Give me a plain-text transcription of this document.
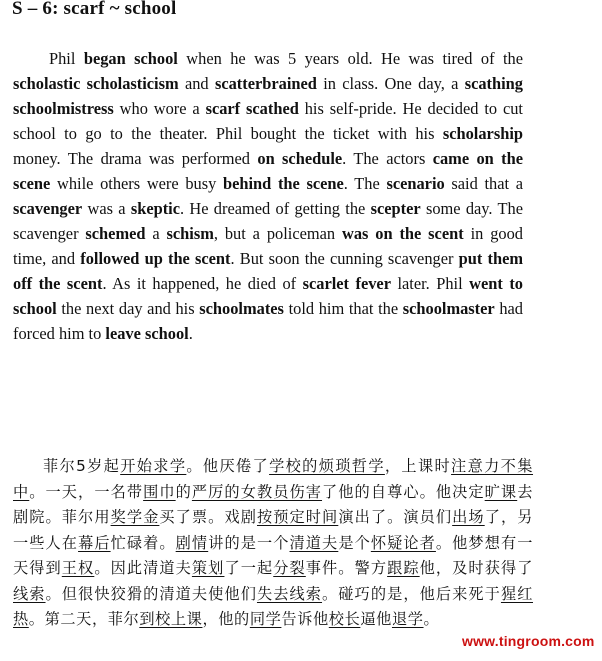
S – 6: scarf ~ school

Phil began school when he was 5 years old. He was tired of the scholastic scholasticism and scatterbrained in class. One day, a scathing schoolmistress who wore a scarf scathed his self-pride. He decided to cut school to go to the theater. Phil bought the ticket with his scholarship money. The drama was performed on schedule. The actors came on the scene while others were busy behind the scene. The scenario said that a scavenger was a skeptic. He dreamed of getting the scepter some day. The scavenger schemed a schism, but a policeman was on the scent in good time, and followed up the scent. But soon the cunning scavenger put them off the scent. As it happened, he died of scarlet fever later. Phil went to school the next day and his schoolmates told him that the schoolmaster had forced him to leave school.

菲尔5岁起开始求学。他厌倦了学校的烦琐哲学，上课时注意力不集中。一天，一名带围巾的严厉的女教员伤害了他的自尊心。他决定旷课去剧院。菲尔用奖学金买了票。戏剧按预定时间演出了。演员们出场了，另一些人在幕后忙碌着。剧情讲的是一个清道夫是个怀疑论者。他梦想有一天得到王权。因此清道夫策划了一起分裂事件。警方跟踪他，及时获得了线索。但很快狡猾的清道夫使他们失去线索。碰巧的是，他后来死于猩红热。第二天，菲尔到校上课，他的同学告诉他校长逼他退学。

www.tingroom.com
